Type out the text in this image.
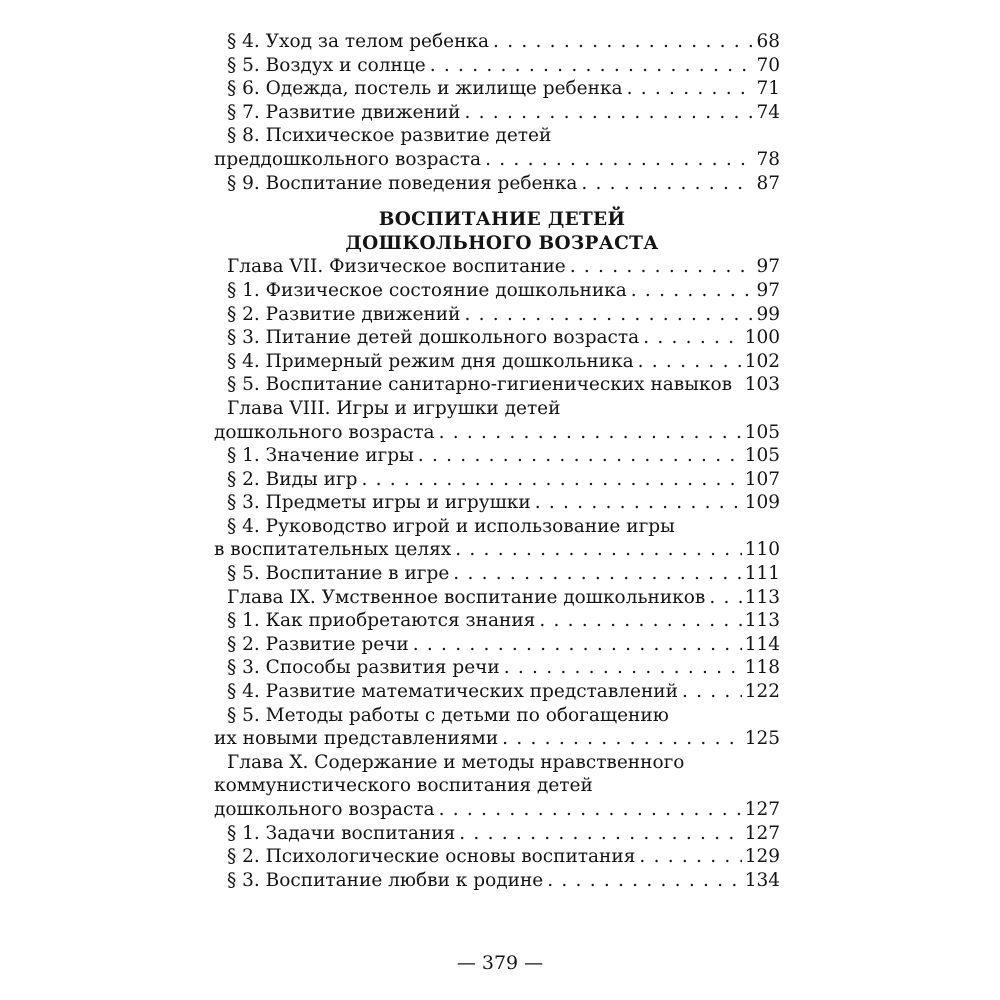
§ 4. Уход за телом ребенка . . .	68
§ 5. Воздух и солнце . . .	70
§ 6. Одежда, постель и жилище ребенка . . .	71
§ 7. Развитие движений . . .	74
§ 8. Психическое развитие детей
преддошкольного возраста . . .	78
§ 9. Воспитание поведения ребенка . . .	87
ВОСПИТАНИЕ ДЕТЕЙ
ДОШКОЛЬНОГО ВОЗРАСТА
Глава VII. Физическое воспитание . . .	97
§ 1. Физическое состояние дошкольника . . .	97
§ 2. Развитие движений . . .	99
§ 3. Питание детей дошкольного возраста . . .	100
§ 4. Примерный режим дня дошкольника . . .	102
§ 5. Воспитание санитарно-гигиенических навыков 103
Глава VIII. Игры и игрушки детей
дошкольного возраста . . .	105
§ 1. Значение игры . . .	105
§ 2. Виды игр . . .	107
§ 3. Предметы игры и игрушки . . .	109
§ 4. Руководство игрой и использование игры
в воспитательных целях . . .	110
§ 5. Воспитание в игре . . .	111
Глава IX. Умственное воспитание дошкольников . . . 113
§ 1. Как приобретаются знания . . .	113
§ 2. Развитие речи . . .	114
§ 3. Способы развития речи . . .	118
§ 4. Развитие математических представлений . . .	122
§ 5. Методы работы с детьми по обогащению
их новыми представлениями . . .	125
Глава X. Содержание и методы нравственного
коммунистического воспитания детей
дошкольного возраста . . .	127
§ 1. Задачи воспитания . . .	127
§ 2. Психологические основы воспитания . . .	129
§ 3. Воспитание любви к родине . . .	134
— 379 —
